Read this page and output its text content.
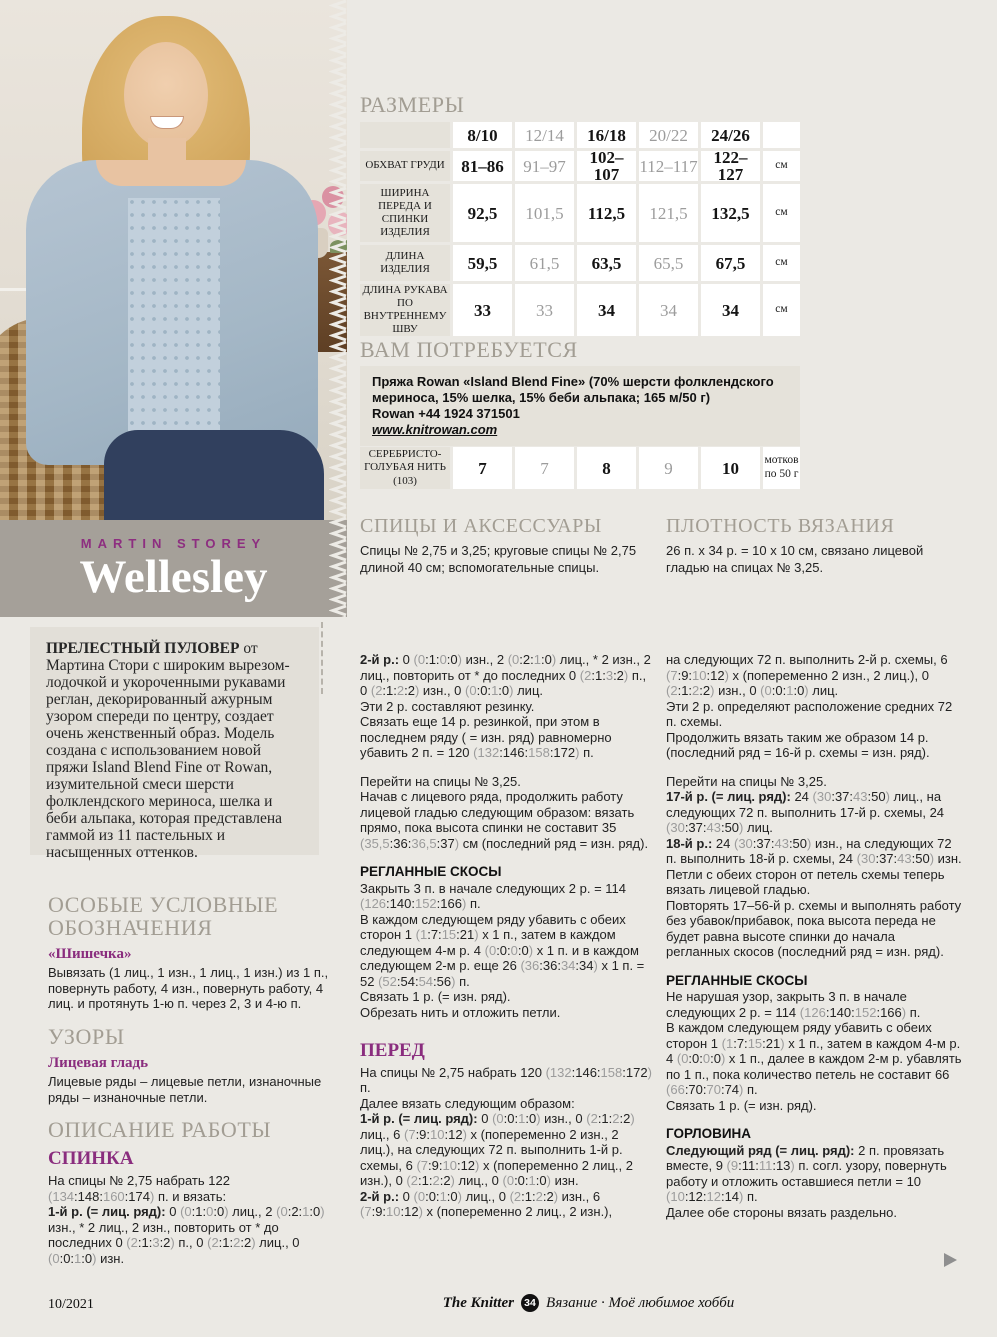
MARTIN STOREY
Wellesley

ПРЕЛЕСТНЫЙ ПУЛОВЕР от Мартина Стори с широким вырезом-лодочкой и укороченными рукавами реглан, декорированный ажурным узором спереди по центру, создает очень женственный образ. Модель создана с использованием новой пряжи Island Blend Fine от Rowan, изумительной смеси шерсти фолклендского мериноса, шелка и беби альпака, которая представлена гаммой из 11 пастельных и насыщенных оттенков.

РАЗМЕРЫ
8/10	12/14	16/18	20/22	24/26
ОБХВАТ ГРУДИ 81–86	91–97	102–107	112–117 122–127	см
ШИРИНА ПЕРЕДА И СПИНКИ ИЗДЕЛИЯ
92,5	101,5	112,5	121,5	132,5	см
ДЛИНА ИЗДЕЛИЯ	59,5	61,5	63,5	65,5	67,5	см
ДЛИНА РУКАВА ПО ВНУТРЕННЕМУ ШВУ
33	33	34	34	34	см
ВАМ ПОТРЕБУЕТСЯ
Пряжа Rowan «Island Blend Fine» (70% шерсти фолклендского мериноса, 15% шелка, 15% беби альпака; 165 м/50 г)
Rowan +44 1924 371501
www.knitrowan.com
СЕРЕБРИСТО-ГОЛУБАЯ НИТЬ (103)
7	7	8	9	10	мотков по 50 г
СПИЦЫ И АКСЕССУАРЫ
Спицы № 2,75 и 3,25; круговые спицы № 2,75 длиной 40 см; вспомогательные спицы.
ПЛОТНОСТЬ ВЯЗАНИЯ
26 п. х 34 р. = 10 х 10 см, связано лицевой гладью на спицах № 3,25.
ОСОБЫЕ УСЛОВНЫЕ ОБОЗНАЧЕНИЯ
«Шишечка»
Вывязать (1 лиц., 1 изн., 1 лиц., 1 изн.) из 1 п., повернуть работу, 4 изн., повернуть работу, 4 лиц. и протянуть 1-ю п. через 2, 3 и 4-ю п.
УЗОРЫ
Лицевая гладь
Лицевые ряды – лицевые петли, изнаночные ряды – изнаночные петли.
ОПИСАНИЕ РАБОТЫ
СПИНКА
На спицы № 2,75 набрать 122 (134:148:160:174) п. и вязать:
1-й р. (= лиц. ряд): 0 (0:1:0:0) лиц., 2 (0:2:1:0) изн., * 2 лиц., 2 изн., повторить от * до последних 0 (2:1:3:2) п., 0 (2:1:2:2) лиц., 0 (0:0:1:0) изн.
2-й р.: 0 (0:1:0:0) изн., 2 (0:2:1:0) лиц., * 2 изн., 2 лиц., повторить от * до последних 0 (2:1:3:2) п., 0 (2:1:2:2) изн., 0 (0:0:1:0) лиц.
Эти 2 р. составляют резинку.
Связать еще 14 р. резинкой, при этом в последнем ряду ( = изн. ряд) равномерно убавить 2 п. = 120 (132:146:158:172) п.
Перейти на спицы № 3,25.
Начав с лицевого ряда, продолжить работу лицевой гладью следующим образом: вязать прямо, пока высота спинки не составит 35 (35,5:36:36,5:37) см (последний ряд = изн. ряд).
РЕГЛАННЫЕ СКОСЫ
Закрыть 3 п. в начале следующих 2 р. = 114 (126:140:152:166) п.
В каждом следующем ряду убавить с обеих сторон 1 (1:7:15:21) х 1 п., затем в каждом следующем 4-м р. 4 (0:0:0:0) х 1 п. и в каждом следующем 2-м р. еще 26 (36:36:34:34) х 1 п. = 52 (52:54:54:56) п.
Связать 1 р. (= изн. ряд).
Обрезать нить и отложить петли.
ПЕРЕД
На спицы № 2,75 набрать 120 (132:146:158:172) п.
Далее вязать следующим образом:
1-й р. (= лиц. ряд): 0 (0:0:1:0) изн., 0 (2:1:2:2) лиц., 6 (7:9:10:12) х (попеременно 2 изн., 2 лиц.), на следующих 72 п. выполнить 1-й р. схемы, 6 (7:9:10:12) х (попеременно 2 лиц., 2 изн.), 0 (2:1:2:2) лиц., 0 (0:0:1:0) изн.
2-й р.: 0 (0:0:1:0) лиц., 0 (2:1:2:2) изн., 6 (7:9:10:12) х (попеременно 2 лиц., 2 изн.),
на следующих 72 п. выполнить 2-й р. схемы, 6 (7:9:10:12) х (попеременно 2 изн., 2 лиц.), 0 (2:1:2:2) изн., 0 (0:0:1:0) лиц.
Эти 2 р. определяют расположение средних 72 п. схемы.
Продолжить вязать таким же образом 14 р. (последний ряд = 16-й р. схемы = изн. ряд).
Перейти на спицы № 3,25.
17-й р. (= лиц. ряд): 24 (30:37:43:50) лиц., на следующих 72 п. выполнить 17-й р. схемы, 24 (30:37:43:50) лиц.
18-й р.: 24 (30:37:43:50) изн., на следующих 72 п. выполнить 18-й р. схемы, 24 (30:37:43:50) изн.
Петли с обеих сторон от петель схемы теперь вязать лицевой гладью.
Повторять 17–56-й р. схемы и выполнять работу без убавок/прибавок, пока высота переда не будет равна высоте спинки до начала регланных скосов (последний ряд = изн. ряд).
РЕГЛАННЫЕ СКОСЫ
Не нарушая узор, закрыть 3 п. в начале следующих 2 р. = 114 (126:140:152:166) п.
В каждом следующем ряду убавить с обеих сторон 1 (1:7:15:21) х 1 п., затем в каждом 4-м р. 4 (0:0:0:0) х 1 п., далее в каждом 2-м р. убавлять по 1 п., пока количество петель не составит 66 (66:70:70:74) п.
Связать 1 р. (= изн. ряд).
ГОРЛОВИНА
Следующий ряд (= лиц. ряд): 2 п. провязать вместе, 9 (9:11:11:13) п. согл. узору, повернуть работу и отложить оставшиеся петли = 10 (10:12:12:14) п.
Далее обе стороны вязать раздельно.
10/2021	The Knitter 34 Вязание · Моё любимое хобби
